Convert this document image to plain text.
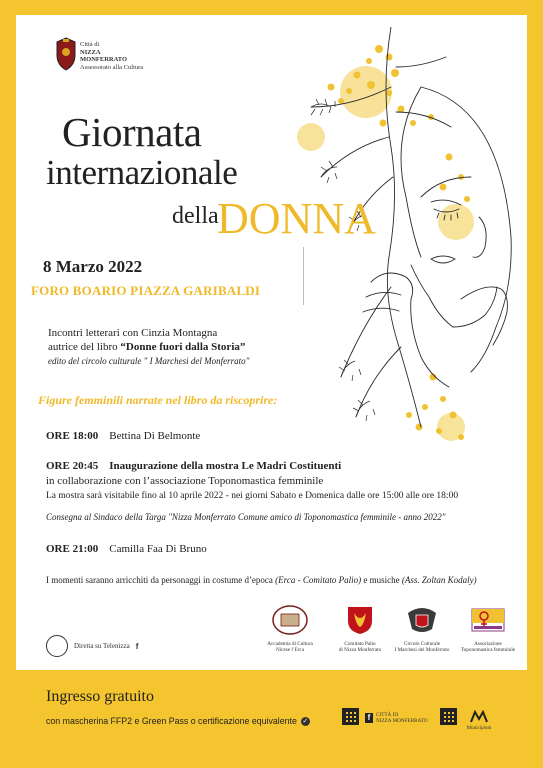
Città di
NIZZA
MONFERRATO
Assessorato alla Cultura
Giornata
internazionale
della
DONNA
8 Marzo 2022
FORO BOARIO PIAZZA GARIBALDI
Incontri letterari con Cinzia Montagna
autrice del libro “Donne fuori dalla Storia”
edito del circolo culturale " I Marchesi del Monferrato"
Figure femminili narrate nel libro da riscoprire:
ORE 18:00 Bettina Di Belmonte
ORE 20:45 Inaugurazione della mostra Le Madri Costituenti
in collaborazione con l’associazione Toponomastica femminile
La mostra sarà visitabile fino al 10 aprile 2022 - nei giorni Sabato e Domenica dalle ore 15:00 alle ore 18:00
Consegna al Sindaco della Targa "Nizza Monferrato Comune amico di Toponomastica femminile - anno 2022"
ORE 21:00 Camilla Faa Di Bruno
I momenti saranno arricchiti da personaggi in costume d’epoca (Erca - Comitato Palio) e musiche (Ass. Zoltan Kodaly)
Diretta su Telenizza f	Accademia di Cultura
Nicese l’Erca
Comitato Palio
di Nizza Monferrato
Circolo Culturale
I Marchesi del Monferrato
Associazione
Toponomastica femminile
Ingresso gratuito
con mascherina FFP2 e Green Pass o certificazione equivalente ✓	f	CITTÀ DI
NIZZA MONFERRATO
Municipium
